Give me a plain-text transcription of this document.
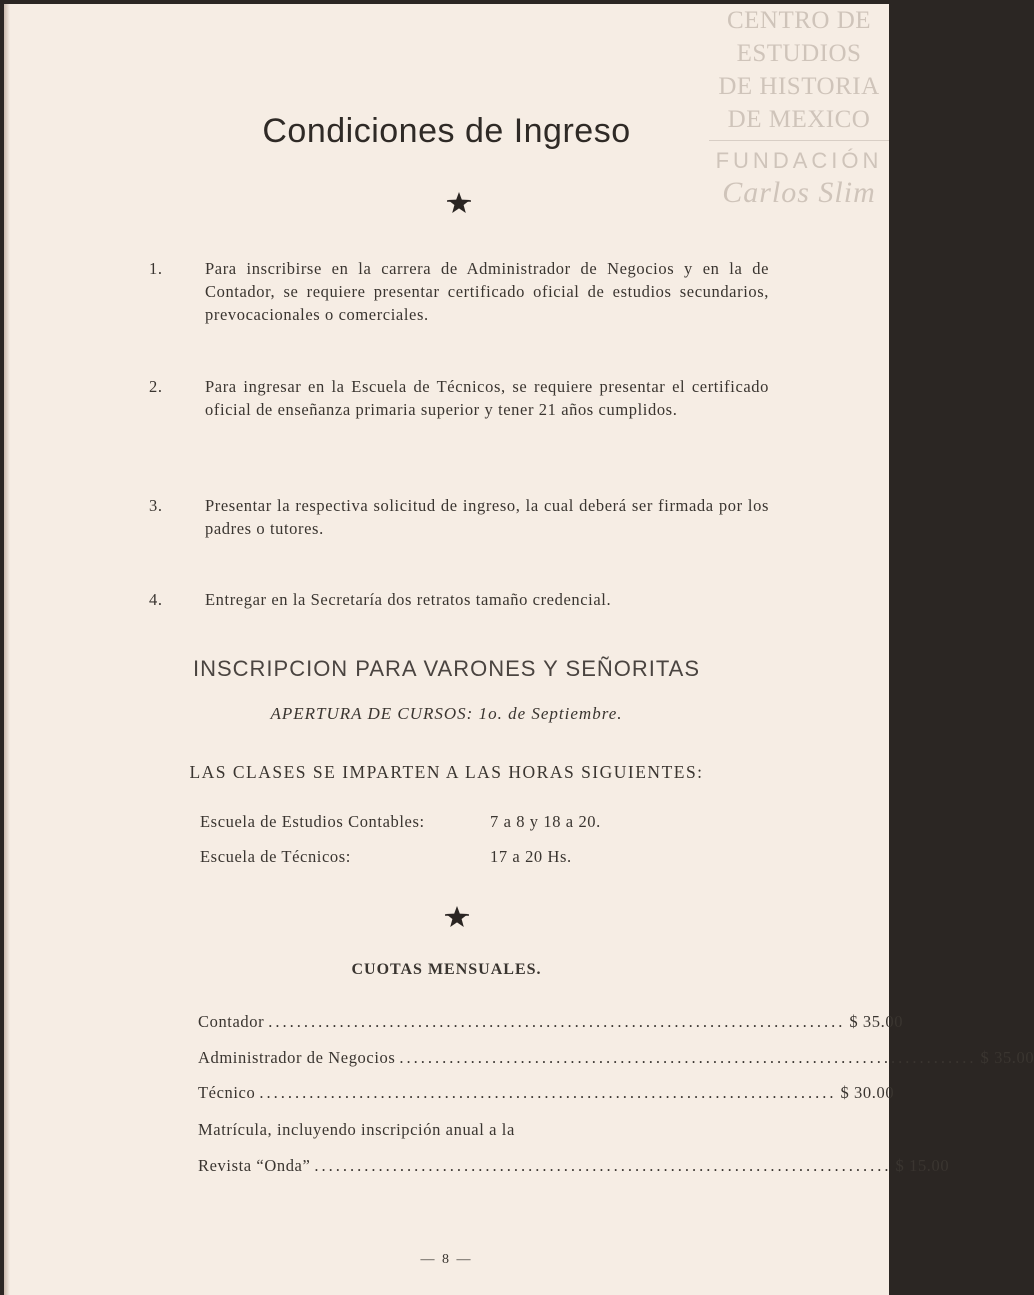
CENTRO DE
ESTUDIOS
DE HISTORIA
DE MEXICO
FUNDACIÓN
Carlos Slim
Condiciones de Ingreso
1.	Para inscribirse en la carrera de Administrador de Negocios y en la de Contador, se requiere presentar certificado oficial de estudios secundarios, prevocacionales o comerciales.
2.	Para ingresar en la Escuela de Técnicos, se requiere presentar el certificado oficial de enseñanza primaria superior y tener 21 años cumplidos.
3.	Presentar la respectiva solicitud de ingreso, la cual deberá ser firmada por los padres o tutores.
4.	Entregar en la Secretaría dos retratos tamaño credencial.
INSCRIPCION PARA VARONES Y SEÑORITAS
APERTURA DE CURSOS: 1o. de Septiembre.
LAS CLASES SE IMPARTEN A LAS HORAS SIGUIENTES:
Escuela de Estudios Contables:	7 a 8 y 18 a 20.
Escuela de Técnicos:	17 a 20 Hs.
CUOTAS MENSUALES.
Contador ................................................................................. $ 35.00
Administrador de Negocios ................................................................................. $ 35.00
Técnico ................................................................................. $ 30.00
Matrícula, incluyendo inscripción anual a la
Revista “Onda” ................................................................................. $ 15.00
— 8 —
